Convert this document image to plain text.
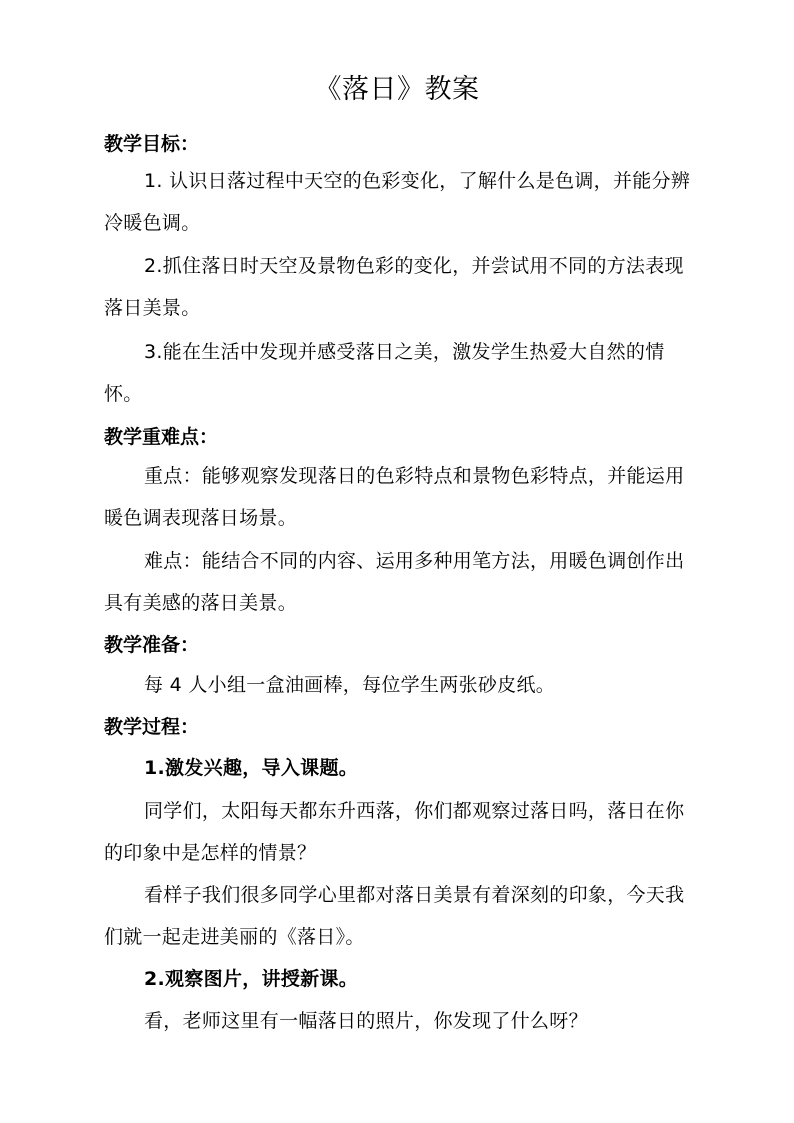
《落日》教案
教学目标：
1. 认识日落过程中天空的色彩变化，了解什么是色调，并能分辨冷暖色调。
2.抓住落日时天空及景物色彩的变化，并尝试用不同的方法表现落日美景。
3.能在生活中发现并感受落日之美，激发学生热爱大自然的情怀。
教学重难点：
重点：能够观察发现落日的色彩特点和景物色彩特点，并能运用暖色调表现落日场景。
难点：能结合不同的内容、运用多种用笔方法，用暖色调创作出具有美感的落日美景。
教学准备：
每 4 人小组一盒油画棒，每位学生两张砂皮纸。
教学过程：
1.激发兴趣，导入课题。
同学们，太阳每天都东升西落，你们都观察过落日吗，落日在你的印象中是怎样的情景？
看样子我们很多同学心里都对落日美景有着深刻的印象，今天我们就一起走进美丽的《落日》。
2.观察图片，讲授新课。
看，老师这里有一幅落日的照片，你发现了什么呀？
